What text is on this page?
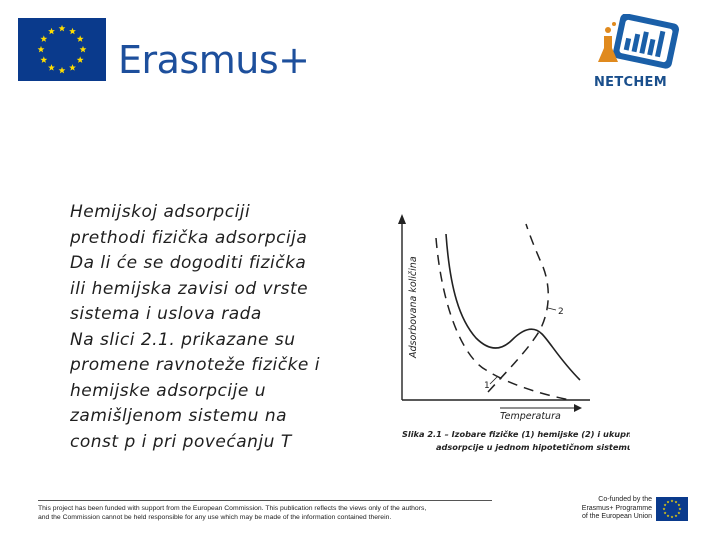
Erasmus+
NETCHEM
Hemijskoj adsorpciji
prethodi fizička adsorpcija
Da li će se dogoditi fizička
ili hemijska zavisi od vrste
sistema i uslova rada
Na slici 2.1. prikazane su
promene ravnoteže fizičke i
hemijske adsorpcije u
zamišljenom sistemu na
const p i pri povećanju T
Adsorbovana količina
Temperatura
1
2
Slika 2.1 – Izobare fizičke (1) hemijske (2) i ukupne
adsorpcije u jednom hipotetičnom sistemu
This project has been funded with support from the European Commission. This publication reflects the views only of the authors,
and the Commission cannot be held responsible for any use which may be made of the information contained therein.
Co-funded by the
Erasmus+ Programme
of the European Union
